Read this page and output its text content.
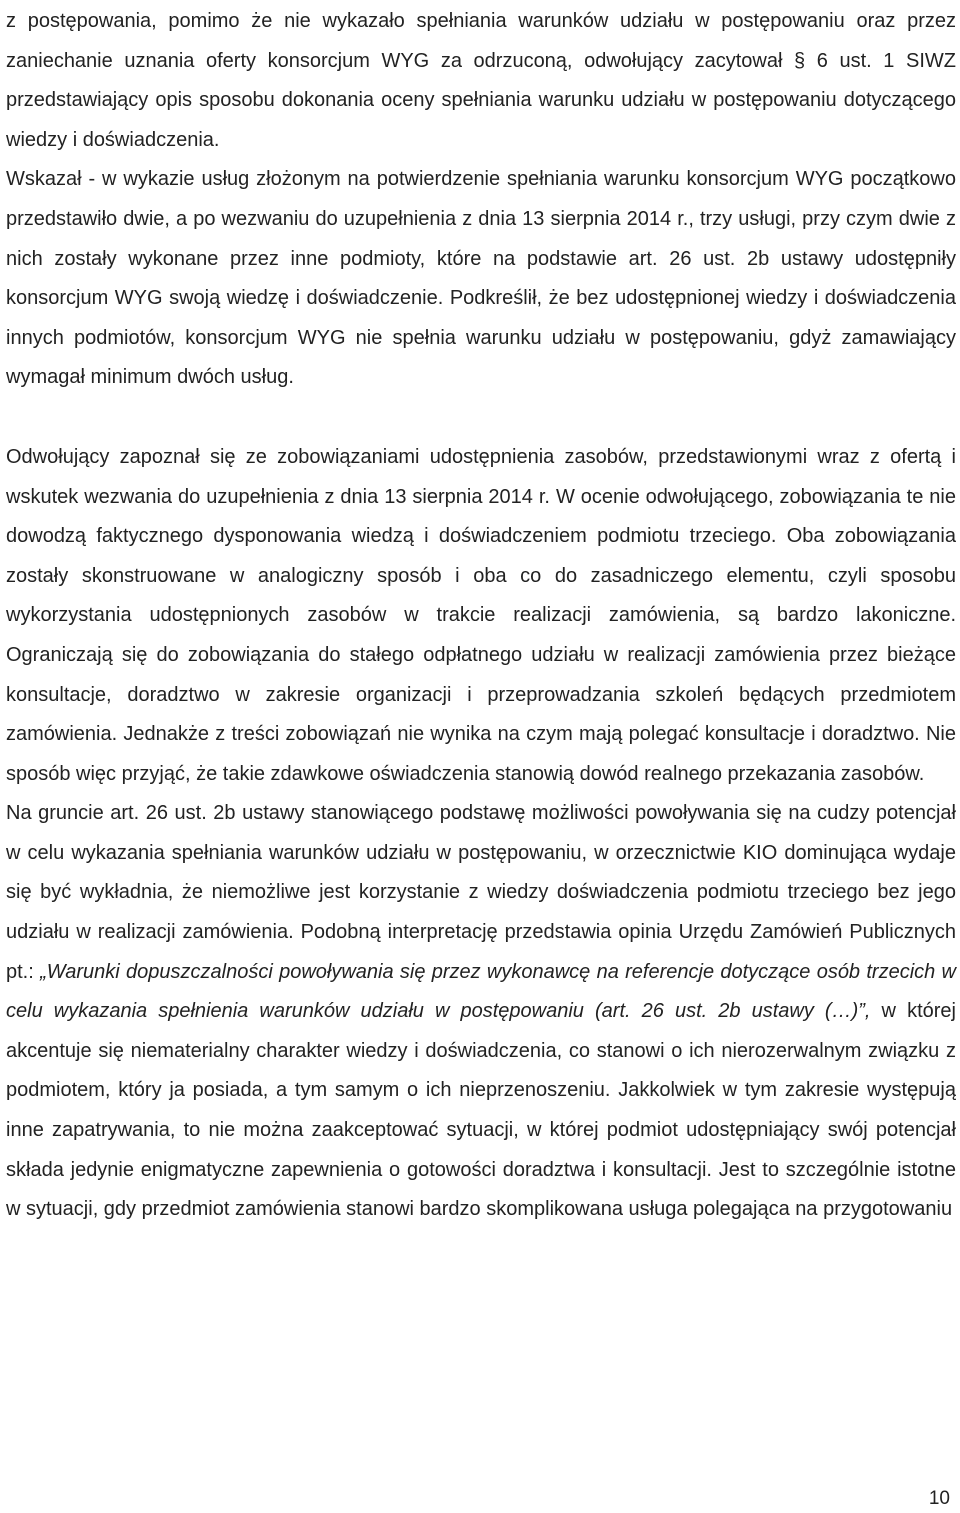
z postępowania, pomimo że nie wykazało spełniania warunków udziału w postępowaniu oraz przez zaniechanie uznania oferty konsorcjum WYG za odrzuconą, odwołujący zacytował § 6 ust. 1 SIWZ przedstawiający opis sposobu dokonania oceny spełniania warunku udziału w postępowaniu dotyczącego wiedzy i doświadczenia.

Wskazał - w wykazie usług złożonym na potwierdzenie spełniania warunku konsorcjum WYG początkowo przedstawiło dwie, a po wezwaniu do uzupełnienia z dnia 13 sierpnia 2014 r., trzy usługi, przy czym dwie z nich zostały wykonane przez inne podmioty, które na podstawie art. 26 ust. 2b ustawy udostępniły konsorcjum WYG swoją wiedzę i doświadczenie. Podkreślił, że bez udostępnionej wiedzy i doświadczenia innych podmiotów, konsorcjum WYG nie spełnia warunku udziału w postępowaniu, gdyż zamawiający wymagał minimum dwóch usług.

Odwołujący zapoznał się ze zobowiązaniami udostępnienia zasobów, przedstawionymi wraz z ofertą i wskutek wezwania do uzupełnienia z dnia 13 sierpnia 2014 r. W ocenie odwołującego, zobowiązania te nie dowodzą faktycznego dysponowania wiedzą i doświadczeniem podmiotu trzeciego. Oba zobowiązania zostały skonstruowane w analogiczny sposób i oba co do zasadniczego elementu, czyli sposobu wykorzystania udostępnionych zasobów w trakcie realizacji zamówienia, są bardzo lakoniczne. Ograniczają się do zobowiązania do stałego odpłatnego udziału w realizacji zamówienia przez bieżące konsultacje, doradztwo w zakresie organizacji i przeprowadzania szkoleń będących przedmiotem zamówienia. Jednakże z treści zobowiązań nie wynika na czym mają polegać konsultacje i doradztwo. Nie sposób więc przyjąć, że takie zdawkowe oświadczenia stanowią dowód realnego przekazania zasobów.

Na gruncie art. 26 ust. 2b ustawy stanowiącego podstawę możliwości powoływania się na cudzy potencjał w celu wykazania spełniania warunków udziału w postępowaniu, w orzecznictwie KIO dominująca wydaje się być wykładnia, że niemożliwe jest korzystanie z wiedzy doświadczenia podmiotu trzeciego bez jego udziału w realizacji zamówienia. Podobną interpretację przedstawia opinia Urzędu Zamówień Publicznych pt.: „Warunki dopuszczalności powoływania się przez wykonawcę na referencje dotyczące osób trzecich w celu wykazania spełnienia warunków udziału w postępowaniu (art. 26 ust. 2b ustawy (…)”, w której akcentuje się niematerialny charakter wiedzy i doświadczenia, co stanowi o ich nierozerwalnym związku z podmiotem, który ja posiada, a tym samym o ich nieprzenoszeniu. Jakkolwiek w tym zakresie występują inne zapatrywania, to nie można zaakceptować sytuacji, w której podmiot udostępniający swój potencjał składa jedynie enigmatyczne zapewnienia o gotowości doradztwa i konsultacji. Jest to szczególnie istotne w sytuacji, gdy przedmiot zamówienia stanowi bardzo skomplikowana usługa polegająca na przygotowaniu

10
